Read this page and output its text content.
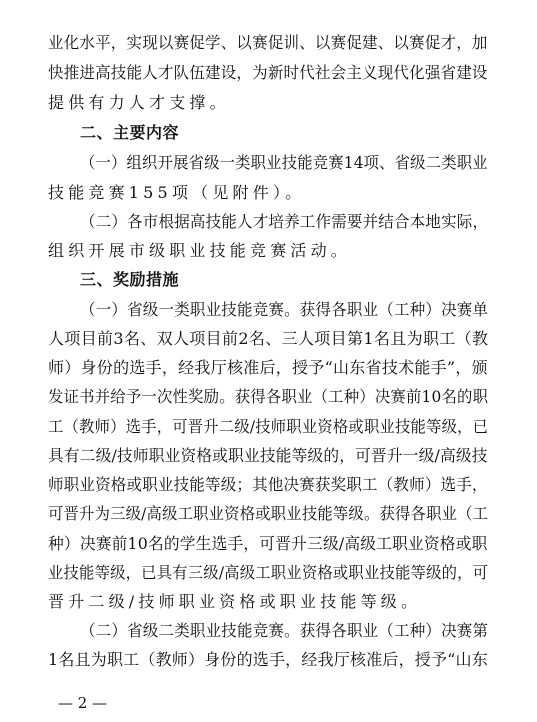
业化水平，实现以赛促学、以赛促训、以赛促建、以赛促才，加
快推进高技能人才队伍建设，为新时代社会主义现代化强省建设
提供有力人才支撑。
二、主要内容
（一）组织开展省级一类职业技能竞赛14项、省级二类职业
技能竞赛155项（见附件）。
（二）各市根据高技能人才培养工作需要并结合本地实际，
组织开展市级职业技能竞赛活动。
三、奖励措施
（一）省级一类职业技能竞赛。获得各职业（工种）决赛单
人项目前3名、双人项目前2名、三人项目第1名且为职工（教
师）身份的选手，经我厅核准后，授予“山东省技术能手”，颁
发证书并给予一次性奖励。获得各职业（工种）决赛前10名的职
工（教师）选手，可晋升二级/技师职业资格或职业技能等级，已
具有二级/技师职业资格或职业技能等级的，可晋升一级/高级技
师职业资格或职业技能等级；其他决赛获奖职工（教师）选手，
可晋升为三级/高级工职业资格或职业技能等级。获得各职业（工
种）决赛前10名的学生选手，可晋升三级/高级工职业资格或职
业技能等级，已具有三级/高级工职业资格或职业技能等级的，可
晋升二级/技师职业资格或职业技能等级。
（二）省级二类职业技能竞赛。获得各职业（工种）决赛第
1名且为职工（教师）身份的选手，经我厅核准后，授予“山东
— 2 —
